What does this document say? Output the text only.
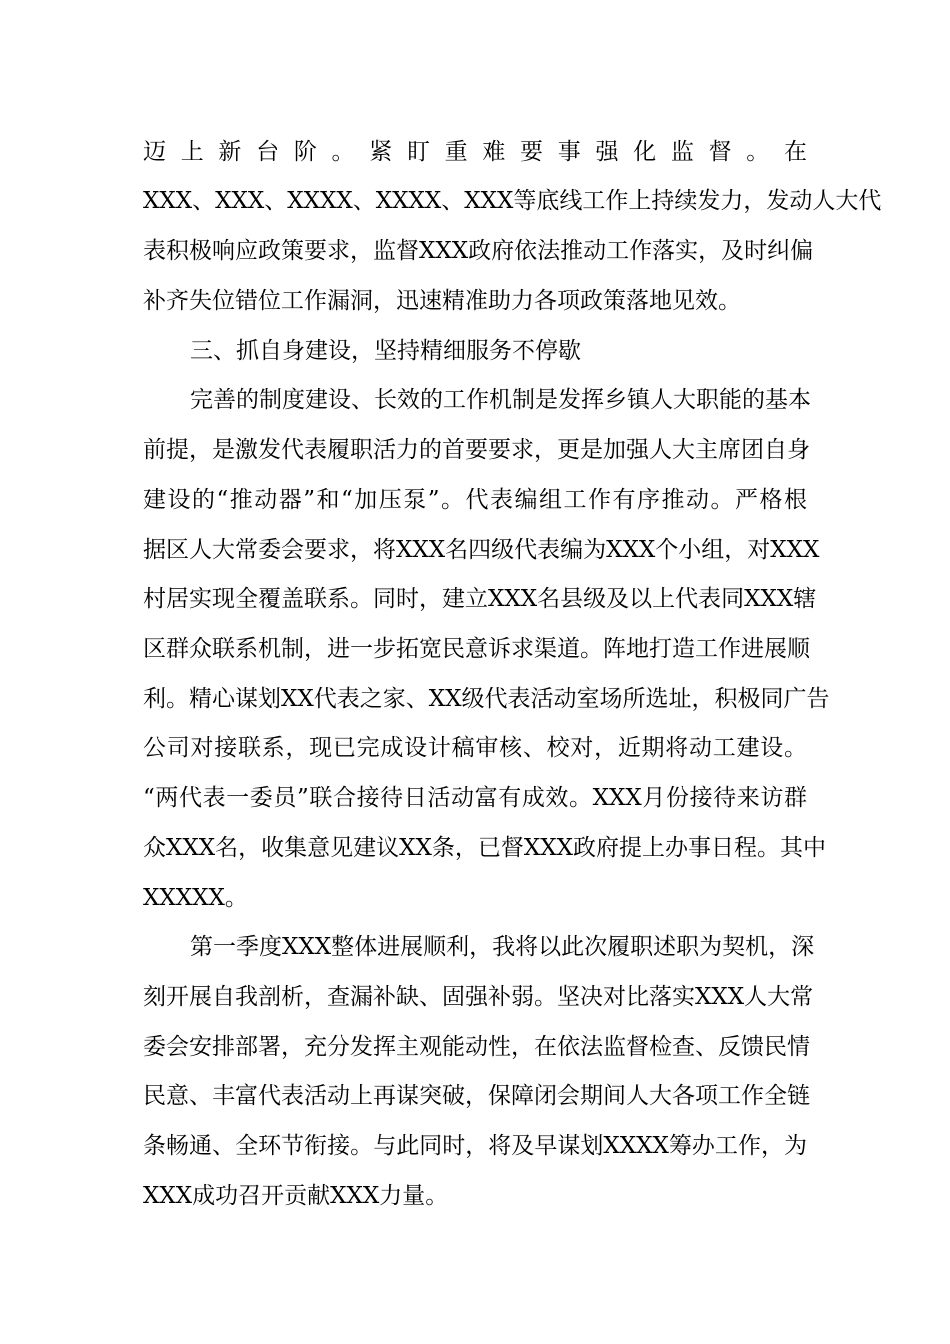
迈上新台阶。紧盯重难要事强化监督。在
XXX、XXX、XXXX、XXXX、XXX等底线工作上持续发力，发动人大代
表积极响应政策要求，监督XXX政府依法推动工作落实，及时纠偏
补齐失位错位工作漏洞，迅速精准助力各项政策落地见效。
三、抓自身建设，坚持精细服务不停歇
完善的制度建设、长效的工作机制是发挥乡镇人大职能的基本
前提，是激发代表履职活力的首要要求，更是加强人大主席团自身
建设的“推动器”和“加压泵”。代表编组工作有序推动。严格根
据区人大常委会要求，将XXX名四级代表编为XXX个小组，对XXX
村居实现全覆盖联系。同时，建立XXX名县级及以上代表同XXX辖
区群众联系机制，进一步拓宽民意诉求渠道。阵地打造工作进展顺
利。精心谋划XX代表之家、XX级代表活动室场所选址，积极同广告
公司对接联系，现已完成设计稿审核、校对，近期将动工建设。
“两代表一委员”联合接待日活动富有成效。XXX月份接待来访群
众XXX名，收集意见建议XX条，已督XXX政府提上办事日程。其中
XXXXX。
第一季度XXX整体进展顺利，我将以此次履职述职为契机，深
刻开展自我剖析，查漏补缺、固强补弱。坚决对比落实XXX人大常
委会安排部署，充分发挥主观能动性，在依法监督检查、反馈民情
民意、丰富代表活动上再谋突破，保障闭会期间人大各项工作全链
条畅通、全环节衔接。与此同时，将及早谋划XXXX筹办工作，为
XXX成功召开贡献XXX力量。
